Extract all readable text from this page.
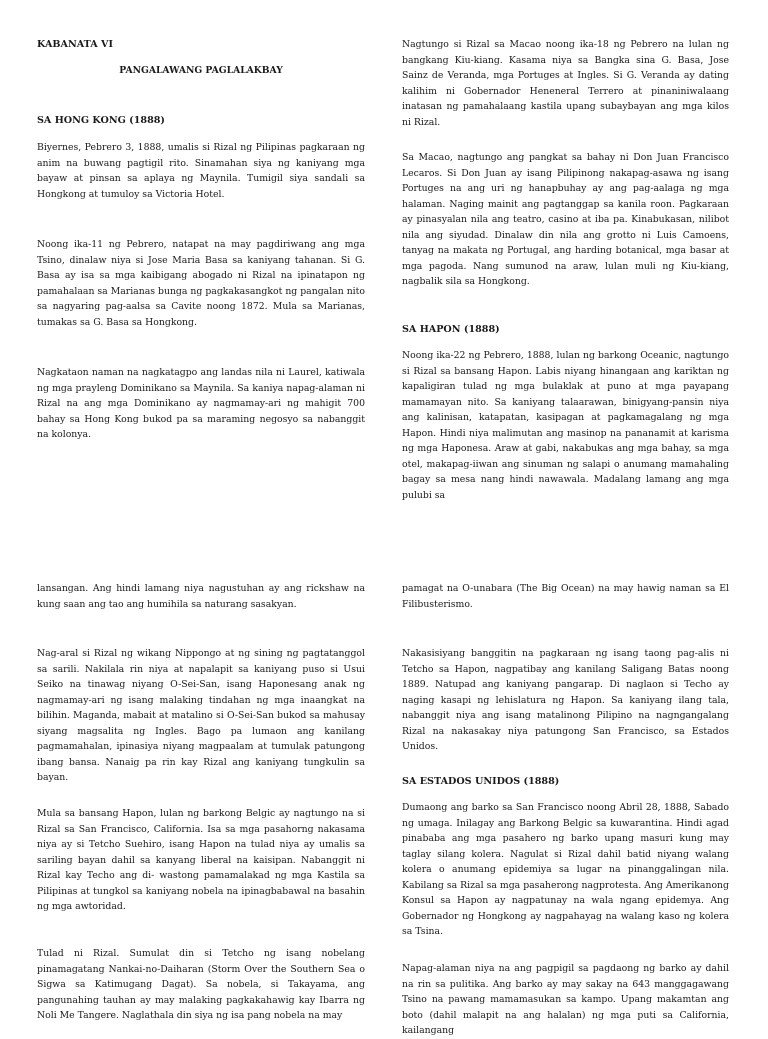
KABANATA VI
PANGALAWANG PAGLALAKBAY
SA HONG KONG (1888)

Biyernes, Pebrero 3, 1888, umalis si Rizal ng Pilipinas pagkaraan ng anim na buwang pagtigil rito. Sinamahan siya ng kaniyang mga bayaw at pinsan sa aplaya ng Maynila. Tumigil siya sandali sa Hongkong at tumuloy sa Victoria Hotel.

Noong ika-11 ng Pebrero, natapat na may pagdiriwang ang mga Tsino, dinalaw niya si Jose Maria Basa sa kaniyang tahanan. Si G. Basa ay isa sa mga kaibigang abogado ni Rizal na ipinatapon ng pamahalaan sa Marianas bunga ng pagkakasangkot ng pangalan nito sa nagyaring pag-aalsa sa Cavite noong 1872. Mula sa Marianas, tumakas sa G. Basa sa Hongkong.

Nagkataon naman na nagkatagpo ang landas nila ni Laurel, katiwala ng mga prayleng Dominikano sa Maynila. Sa kaniya napag-alaman ni Rizal na ang mga Dominikano ay nagmamay-ari ng mahigit 700 bahay sa Hong Kong bukod pa sa maraming negosyo sa nabanggit na kolonya.

lansangan. Ang hindi lamang niya nagustuhan ay ang rickshaw na kung saan ang tao ang humihila sa naturang sasakyan.

Nag-aral si Rizal ng wikang Nippongo at ng sining ng pagtatanggol sa sarili. Nakilala rin niya at napalapit sa kaniyang puso si Usui Seiko na tinawag niyang O-Sei-San, isang Haponesang anak ng nagmamay-ari ng isang malaking tindahan ng mga inaangkat na bilihin. Maganda, mabait at matalino si O-Sei-San bukod sa mahusay siyang magsalita ng Ingles. Bago pa lumaon ang kanilang pagmamahalan, ipinasiya niyang magpaalam at tumulak patungong ibang bansa. Nanaig pa rin kay Rizal ang kaniyang tungkulin sa bayan.

Mula sa bansang Hapon, lulan ng barkong Belgic ay nagtungo na si Rizal sa San Francisco, California. Isa sa mga pasahorng nakasama niya ay si Tetcho Suehiro, isang Hapon na tulad niya ay umalis sa sariling bayan dahil sa kanyang liberal na kaisipan. Nabanggit ni Rizal kay Techo ang di- wastong pamamalakad ng mga Kastila sa Pilipinas at tungkol sa kaniyang nobela na ipinagbabawal na basahin ng mga awtoridad.

Tulad ni Rizal. Sumulat din si Tetcho ng isang nobelang pinamagatang Nankai-no-Daiharan (Storm Over the Southern Sea o Sigwa sa Katimugang Dagat). Sa nobela, si Takayama, ang pangunahing tauhan ay may malaking pagkakahawig kay Ibarra ng Noli Me Tangere. Naglathala din siya ng isa pang nobela na may

Nagtungo si Rizal sa Macao noong ika-18 ng Pebrero na lulan ng bangkang Kiu-kiang. Kasama niya sa Bangka sina G. Basa, Jose Sainz de Veranda, mga Portuges at Ingles. Si G. Veranda ay dating kalihim ni Gobernador Heneneral Terrero at pinaniniwalaang inatasan ng pamahalaang kastila upang subaybayan ang mga kilos ni Rizal.

Sa Macao, nagtungo ang pangkat sa bahay ni Don Juan Francisco Lecaros. Si Don Juan ay isang Pilipinong nakapag-asawa ng isang Portuges na ang uri ng hanapbuhay ay ang pag-aalaga ng mga halaman. Naging mainit ang pagtanggap sa kanila roon. Pagkaraan ay pinasyalan nila ang teatro, casino at iba pa. Kinabukasan, nilibot nila ang siyudad. Dinalaw din nila ang grotto ni Luis Camoens, tanyag na makata ng Portugal, ang harding botanical, mga basar at mga pagoda. Nang sumunod na araw, lulan muli ng Kiu-kiang, nagbalik sila sa Hongkong.

SA HAPON (1888)

Noong ika-22 ng Pebrero, 1888, lulan ng barkong Oceanic, nagtungo si Rizal sa bansang Hapon. Labis niyang hinangaan ang kariktan ng kapaligiran tulad ng mga bulaklak at puno at mga payapang mamamayan nito. Sa kaniyang talaarawan, binigyang-pansin niya ang kalinisan, katapatan, kasipagan at pagkamagalang ng mga Hapon. Hindi niya malimutan ang masinop na pananamit at karisma ng mga Haponesa. Araw at gabi, nakabukas ang mga bahay, sa mga otel, makapag-iiwan ang sinuman ng salapi o anumang mamahaling bagay sa mesa nang hindi nawawala. Madalang lamang ang mga pulubi sa

pamagat na O-unabara (The Big Ocean) na may hawig naman sa El Filibusterismo.

Nakasisiyang banggitin na pagkaraan ng isang taong pag-alis ni Tetcho sa Hapon, nagpatibay ang kanilang Saligang Batas noong 1889. Natupad ang kaniyang pangarap. Di naglaon si Techo ay naging kasapi ng lehislatura ng Hapon. Sa kaniyang ilang tala, nabanggit niya ang isang matalinong Pilipino na nagngangalang Rizal na nakasakay niya patungong San Francisco, sa Estados Unidos.

SA ESTADOS UNIDOS (1888)

Dumaong ang barko sa San Francisco noong Abril 28, 1888, Sabado ng umaga. Inilagay ang Barkong Belgic sa kuwarantina. Hindi agad pinababa ang mga pasahero ng barko upang masuri kung may taglay silang kolera. Nagulat si Rizal dahil batid niyang walang kolera o anumang epidemiya sa lugar na pinanggalingan nila. Kabilang sa Rizal sa mga pasaherong nagprotesta. Ang Amerikanong Konsul sa Hapon ay nagpatunay na wala ngang epidemya. Ang Gobernador ng Hongkong ay nagpahayag na walang kaso ng kolera sa Tsina.

Napag-alaman niya na ang pagpigil sa pagdaong ng barko ay dahil na rin sa pulitika. Ang barko ay may sakay na 643 manggagawang Tsino na pawang mamamasukan sa kampo. Upang makamtan ang boto (dahil malapit na ang halalan) ng mga puti sa California, kailangang
